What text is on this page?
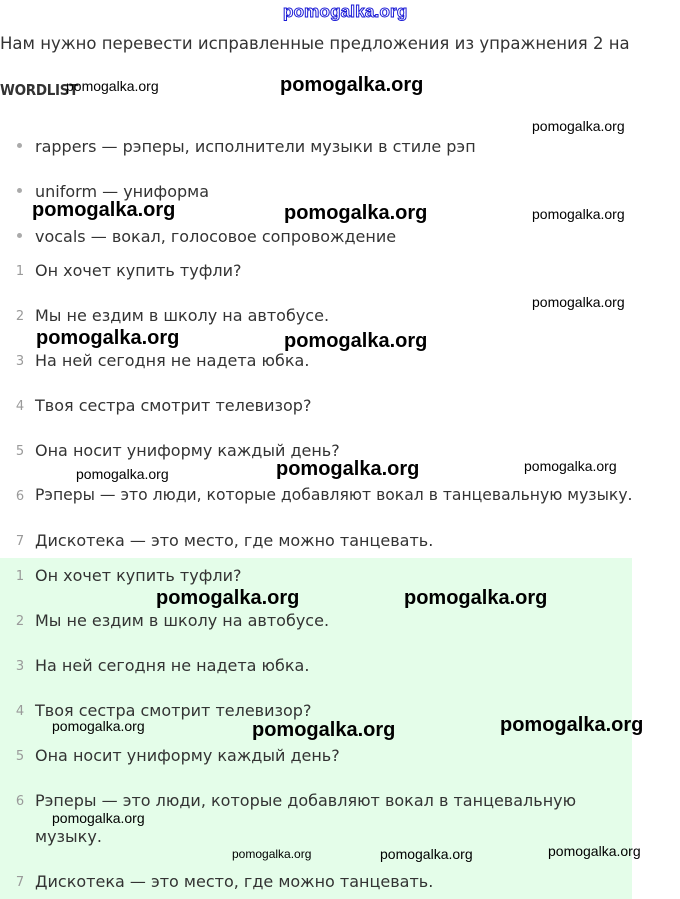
pomogalka.org
Нам нужно перевести исправленные предложения из упражнения 2 на
WORDLIST
rappers — рэперы, исполнители музыки в стиле рэп
uniform — униформа
vocals — вокал, голосовое сопровождение
1 Он хочет купить туфли?
2 Мы не ездим в школу на автобусе.
3 На ней сегодня не надета юбка.
4 Твоя сестра смотрит телевизор?
5 Она носит униформу каждый день?
6 Рэперы — это люди, которые добавляют вокал в танцевальную музыку.
7 Дискотека — это место, где можно танцевать.
1 Он хочет купить туфли?
2 Мы не ездим в школу на автобусе.
3 На ней сегодня не надета юбка.
4 Твоя сестра смотрит телевизор?
5 Она носит униформу каждый день?
6 Рэперы — это люди, которые добавляют вокал в танцевальную
музыку.
7 Дискотека — это место, где можно танцевать.
pomogalka.org	pomogalka.org
pomogalka.org
pomogalka.org	pomogalka.org	pomogalka.org
pomogalka.org
pomogalka.org	pomogalka.org
pomogalka.org	pomogalka.org	pomogalka.org
pomogalka.org	pomogalka.org
pomogalka.org	pomogalka.org	pomogalka.org
pomogalka.org
pomogalka.org	pomogalka.org	pomogalka.org
